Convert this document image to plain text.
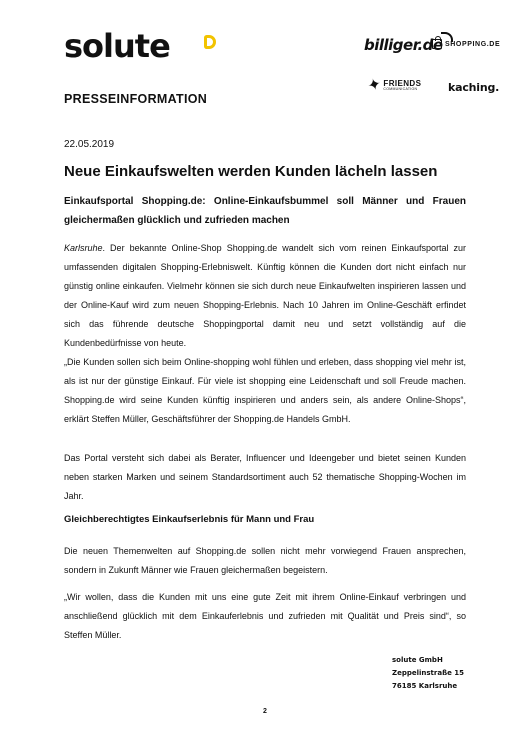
solute	billiger.de SHOPPING.DE
✦ FRIENDS
COMMUNICATION	kaching.
PRESSEINFORMATION
22.05.2019
Neue Einkaufswelten werden Kunden lächeln lassen
Einkaufsportal Shopping.de: Online-Einkaufsbummel soll Männer und Frauen gleichermaßen glücklich und zufrieden machen
Karlsruhe. Der bekannte Online-Shop Shopping.de wandelt sich vom reinen Einkaufsportal zur umfassenden digitalen Shopping-Erlebniswelt. Künftig können die Kunden dort nicht einfach nur günstig online einkaufen. Vielmehr können sie sich durch neue Einkaufwelten inspirieren lassen und der Online-Kauf wird zum neuen Shopping-Erlebnis. Nach 10 Jahren im Online-Geschäft erfindet sich das führende deutsche Shoppingportal damit neu und setzt vollständig auf die Kundenbedürfnisse von heute.
„Die Kunden sollen sich beim Online-shopping wohl fühlen und erleben, dass shopping viel mehr ist, als ist nur der günstige Einkauf. Für viele ist shopping eine Leidenschaft und soll Freude machen. Shopping.de wird seine Kunden künftig inspirieren und anders sein, als andere Online-Shops“, erklärt Steffen Müller, Geschäftsführer der Shopping.de Handels GmbH.
Das Portal versteht sich dabei als Berater, Influencer und Ideengeber und bietet seinen Kunden neben starken Marken und seinem Standardsortiment auch 52 thematische Shopping-Wochen im Jahr.
Gleichberechtigtes Einkaufserlebnis für Mann und Frau
Die neuen Themenwelten auf Shopping.de sollen nicht mehr vorwiegend Frauen ansprechen, sondern in Zukunft Männer wie Frauen gleichermaßen begeistern.
„Wir wollen, dass die Kunden mit uns eine gute Zeit mit ihrem Online-Einkauf verbringen und anschließend glücklich mit dem Einkauferlebnis und zufrieden mit Qualität und Preis sind“, so Steffen Müller.
solute GmbH
Zeppelinstraße 15
76185 Karlsruhe
2
